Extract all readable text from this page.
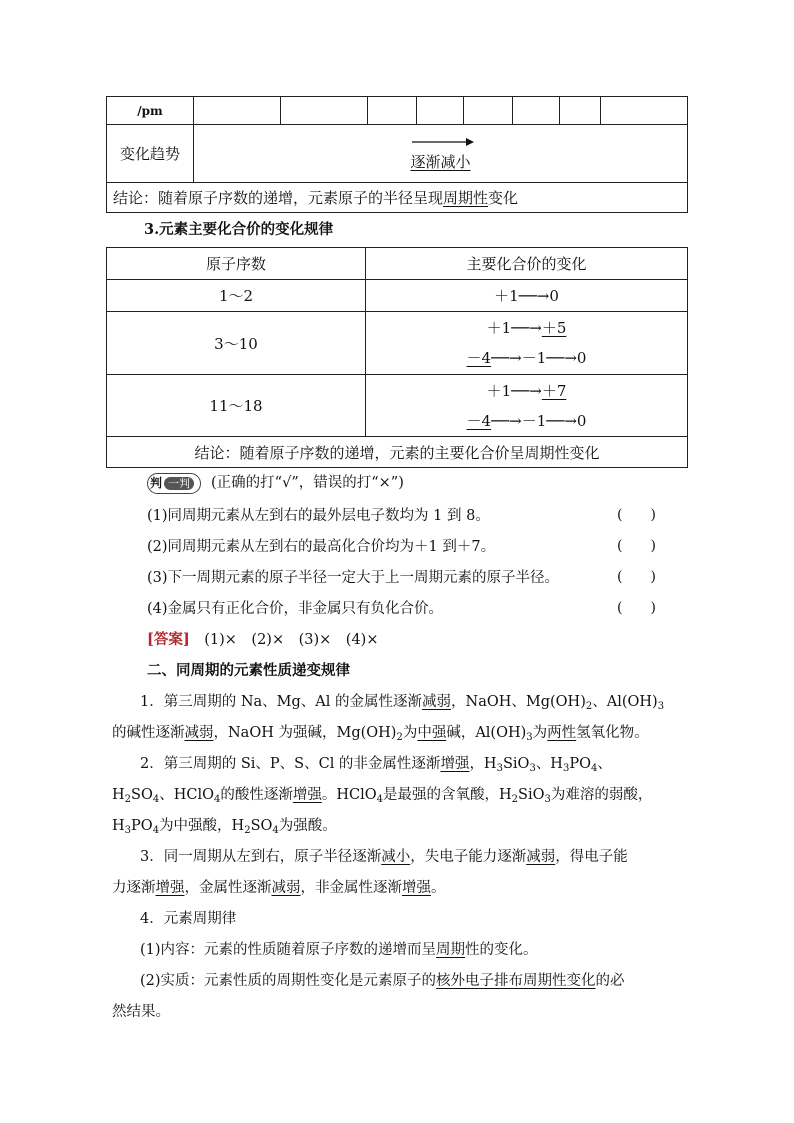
/pm								
变化趋势	逐渐减小							
结论：随着原子序数的递增，元素原子的半径呈现周期性变化								
3.元素主要化合价的变化规律
原子序数	主要化合价的变化
1～2	＋1──→0
3～10	＋1──→＋5
－4──→－1──→0

11～18	＋1──→＋7
－4──→－1──→0

结论：随着原子序数的递增，元素的主要化合价呈周期性变化	
判 一判 (正确的打“√”，错误的打“×”)
(1)同周期元素从左到右的最外层电子数均为 1 到 8。	(　　)
(2)同周期元素从左到右的最高化合价均为＋1 到＋7。	(　　)
(3)下一周期元素的原子半径一定大于上一周期元素的原子半径。	(　　)
(4)金属只有正化合价，非金属只有负化合价。	(　　)
[答案]　 (1)×　(2)×　(3)×　(4)×
二、同周期的元素性质递变规律
1．第三周期的 Na、Mg、Al 的金属性逐渐减弱，NaOH、$Mg(OH)_2$、$Al(OH)_3$
的碱性逐渐减弱，NaOH 为强碱，$Mg(OH)_2$为中强碱，$Al(OH)_3$为两性氢氧化物。
2．第三周期的 Si、P、S、Cl 的非金属性逐渐增强，$H_3SiO_3$、$H_3PO_4$、
$H_2SO_4$、HClO$_4$的酸性逐渐增强。HClO$_4$是最强的含氧酸，$H_2SiO_3$为难溶的弱酸，
$H_3PO_4$为中强酸，$H_2SO_4$为强酸。
3．同一周期从左到右，原子半径逐渐减小，失电子能力逐渐减弱，得电子能
力逐渐增强，金属性逐渐减弱，非金属性逐渐增强。
4．元素周期律
(1)内容：元素的性质随着原子序数的递增而呈周期性的变化。
(2)实质：元素性质的周期性变化是元素原子的核外电子排布周期性变化的必
然结果。
